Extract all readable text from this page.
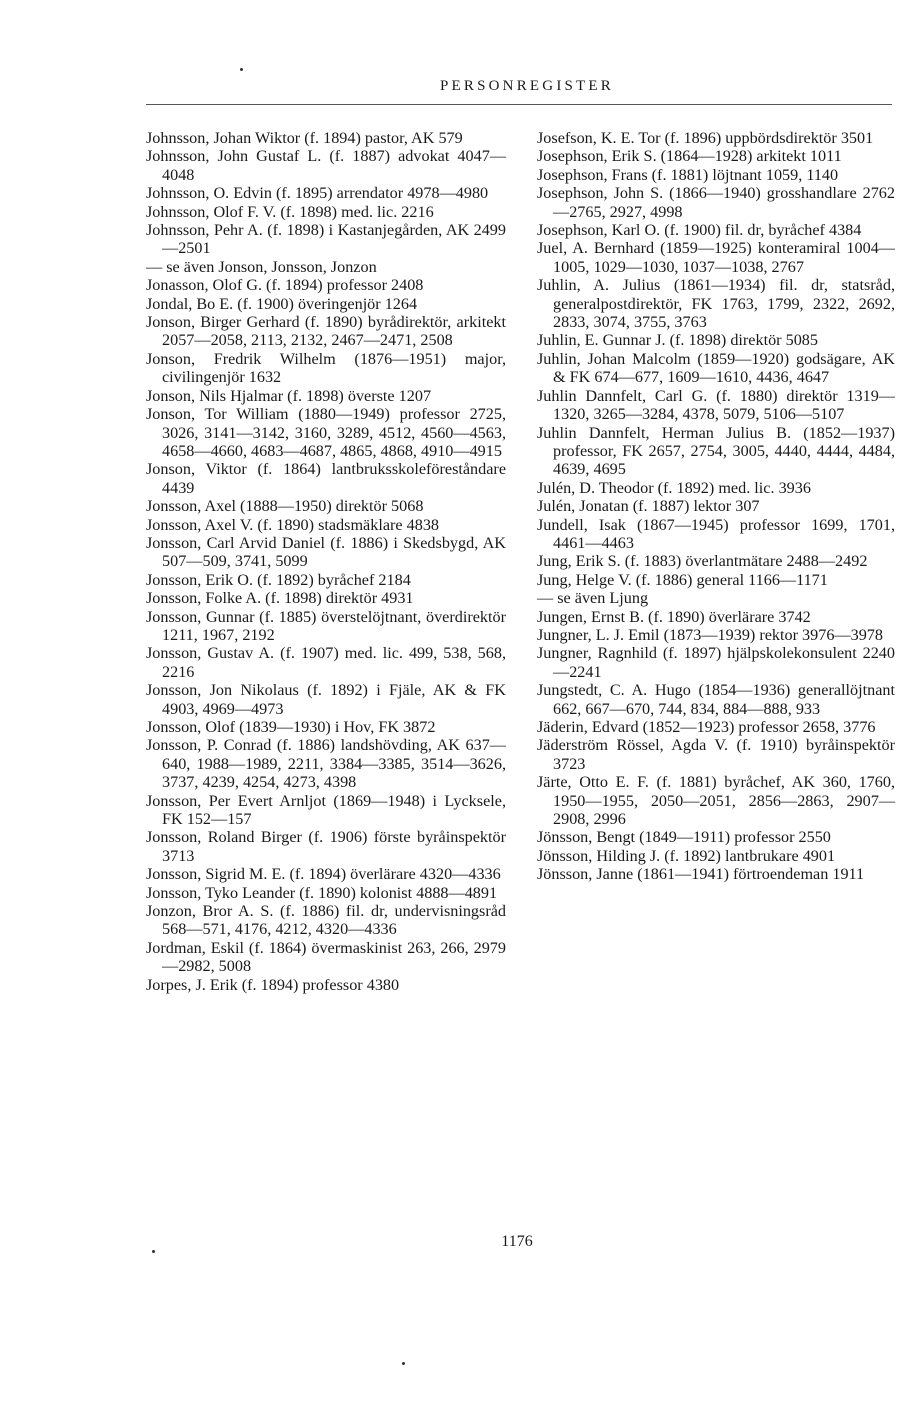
PERSONREGISTER

Johnsson, Johan Wiktor (f. 1894) pastor, AK 579

Johnsson, John Gustaf L. (f. 1887) advokat 4047—4048

Johnsson, O. Edvin (f. 1895) arrendator 4978—4980

Johnsson, Olof F. V. (f. 1898) med. lic. 2216

Johnsson, Pehr A. (f. 1898) i Kastanjegården, AK 2499—2501

— se även Jonson, Jonsson, Jonzon

Jonasson, Olof G. (f. 1894) professor 2408

Jondal, Bo E. (f. 1900) överingenjör 1264

Jonson, Birger Gerhard (f. 1890) byrådirektör, arkitekt 2057—2058, 2113, 2132, 2467—2471, 2508

Jonson, Fredrik Wilhelm (1876—1951) major, civilingenjör 1632

Jonson, Nils Hjalmar (f. 1898) överste 1207

Jonson, Tor William (1880—1949) professor 2725, 3026, 3141—3142, 3160, 3289, 4512, 4560—4563, 4658—4660, 4683—4687, 4865, 4868, 4910—4915

Jonson, Viktor (f. 1864) lantbruksskoleföreståndare 4439

Jonsson, Axel (1888—1950) direktör 5068

Jonsson, Axel V. (f. 1890) stadsmäklare 4838

Jonsson, Carl Arvid Daniel (f. 1886) i Skedsbygd, AK 507—509, 3741, 5099

Jonsson, Erik O. (f. 1892) byråchef 2184

Jonsson, Folke A. (f. 1898) direktör 4931

Jonsson, Gunnar (f. 1885) överstelöjtnant, överdirektör 1211, 1967, 2192

Jonsson, Gustav A. (f. 1907) med. lic. 499, 538, 568, 2216

Jonsson, Jon Nikolaus (f. 1892) i Fjäle, AK & FK 4903, 4969—4973

Jonsson, Olof (1839—1930) i Hov, FK 3872

Jonsson, P. Conrad (f. 1886) landshövding, AK 637—640, 1988—1989, 2211, 3384—3385, 3514—3626, 3737, 4239, 4254, 4273, 4398

Jonsson, Per Evert Arnljot (1869—1948) i Lycksele, FK 152—157

Jonsson, Roland Birger (f. 1906) förste byråinspektör 3713

Jonsson, Sigrid M. E. (f. 1894) överlärare 4320—4336

Jonsson, Tyko Leander (f. 1890) kolonist 4888—4891

Jonzon, Bror A. S. (f. 1886) fil. dr, undervisningsråd 568—571, 4176, 4212, 4320—4336

Jordman, Eskil (f. 1864) övermaskinist 263, 266, 2979—2982, 5008

Jorpes, J. Erik (f. 1894) professor 4380

Josefson, K. E. Tor (f. 1896) uppbördsdirektör 3501

Josephson, Erik S. (1864—1928) arkitekt 1011

Josephson, Frans (f. 1881) löjtnant 1059, 1140

Josephson, John S. (1866—1940) grosshandlare 2762—2765, 2927, 4998

Josephson, Karl O. (f. 1900) fil. dr, byråchef 4384

Juel, A. Bernhard (1859—1925) konteramiral 1004—1005, 1029—1030, 1037—1038, 2767

Juhlin, A. Julius (1861—1934) fil. dr, statsråd, generalpostdirektör, FK 1763, 1799, 2322, 2692, 2833, 3074, 3755, 3763

Juhlin, E. Gunnar J. (f. 1898) direktör 5085

Juhlin, Johan Malcolm (1859—1920) godsägare, AK & FK 674—677, 1609—1610, 4436, 4647

Juhlin Dannfelt, Carl G. (f. 1880) direktör 1319—1320, 3265—3284, 4378, 5079, 5106—5107

Juhlin Dannfelt, Herman Julius B. (1852—1937) professor, FK 2657, 2754, 3005, 4440, 4444, 4484, 4639, 4695

Julén, D. Theodor (f. 1892) med. lic. 3936

Julén, Jonatan (f. 1887) lektor 307

Jundell, Isak (1867—1945) professor 1699, 1701, 4461—4463

Jung, Erik S. (f. 1883) överlantmätare 2488—2492

Jung, Helge V. (f. 1886) general 1166—1171

— se även Ljung

Jungen, Ernst B. (f. 1890) överlärare 3742

Jungner, L. J. Emil (1873—1939) rektor 3976—3978

Jungner, Ragnhild (f. 1897) hjälpskolekonsulent 2240—2241

Jungstedt, C. A. Hugo (1854—1936) generallöjtnant 662, 667—670, 744, 834, 884—888, 933

Jäderin, Edvard (1852—1923) professor 2658, 3776

Jäderström Rössel, Agda V. (f. 1910) byråinspektör 3723

Järte, Otto E. F. (f. 1881) byråchef, AK 360, 1760, 1950—1955, 2050—2051, 2856—2863, 2907—2908, 2996

Jönsson, Bengt (1849—1911) professor 2550

Jönsson, Hilding J. (f. 1892) lantbrukare 4901

Jönsson, Janne (1861—1941) förtroendeman 1911

1176
